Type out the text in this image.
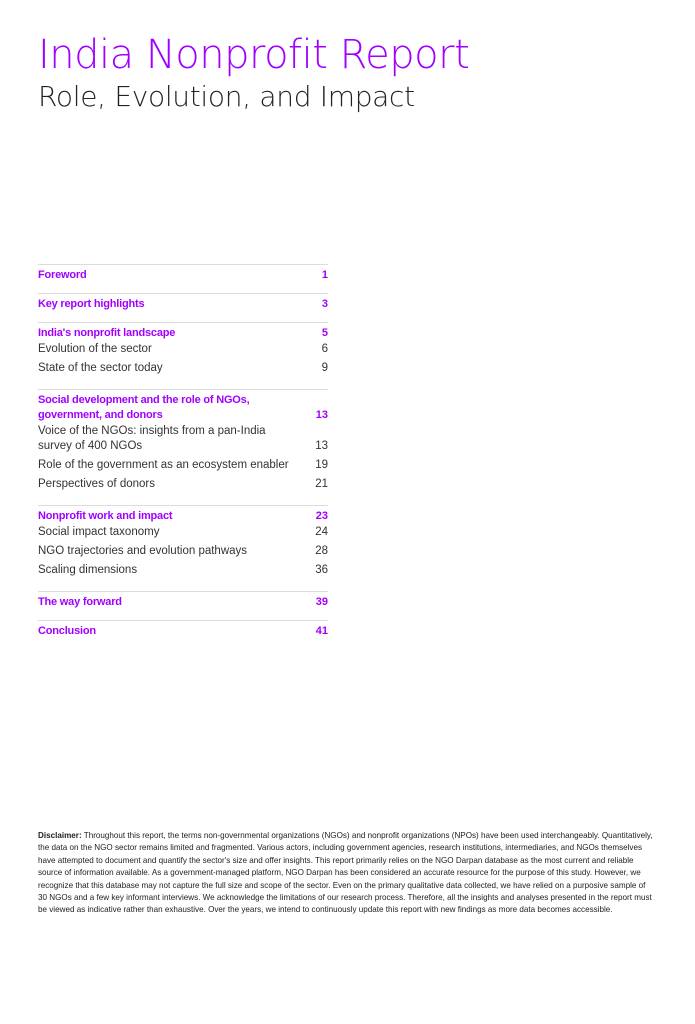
India Nonprofit Report
Role, Evolution, and Impact
Foreword	1
Key report highlights	3
India's nonprofit landscape	5
Evolution of the sector	6
State of the sector today	9
Social development and the role of NGOs,
government, and donors	13
Voice of the NGOs: insights from a pan-India
survey of 400 NGOs	13
Role of the government as an ecosystem enabler	19
Perspectives of donors	21
Nonprofit work and impact	23
Social impact taxonomy	24
NGO trajectories and evolution pathways	28
Scaling dimensions	36
The way forward	39
Conclusion	41

Disclaimer: Throughout this report, the terms non-governmental organizations (NGOs) and nonprofit organizations (NPOs) have been used interchangeably. Quantitatively, the data on the NGO sector remains limited and fragmented. Various actors, including government agencies, research institutions, intermediaries, and NGOs themselves have attempted to document and quantify the sector's size and offer insights. This report primarily relies on the NGO Darpan database as the most current and reliable source of information available. As a government-managed platform, NGO Darpan has been considered an accurate resource for the purpose of this study. However, we recognize that this database may not capture the full size and scope of the sector. Even on the primary qualitative data collected, we have relied on a purposive sample of 30 NGOs and a few key informant interviews. We acknowledge the limitations of our research process. Therefore, all the insights and analyses presented in the report must be viewed as indicative rather than exhaustive. Over the years, we intend to continuously update this report with new findings as more data becomes accessible.
